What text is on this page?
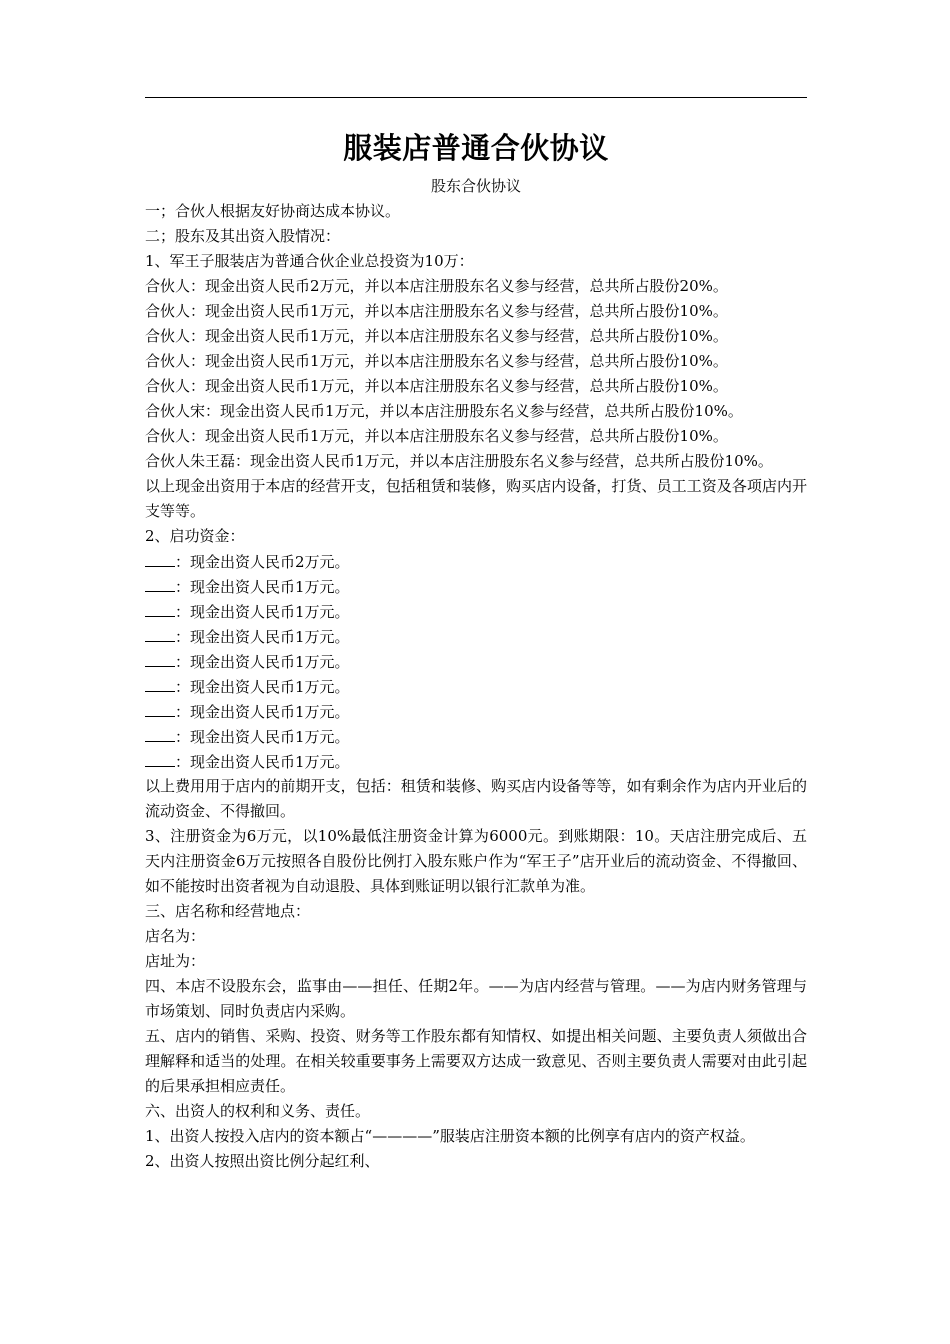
服装店普通合伙协议
股东合伙协议
一；合伙人根据友好协商达成本协议。
二；股东及其出资入股情况：
1、军王子服装店为普通合伙企业总投资为10万：
合伙人：现金出资人民币2万元，并以本店注册股东名义参与经营，总共所占股份20%。
合伙人：现金出资人民币1万元，并以本店注册股东名义参与经营，总共所占股份10%。
合伙人：现金出资人民币1万元，并以本店注册股东名义参与经营，总共所占股份10%。
合伙人：现金出资人民币1万元，并以本店注册股东名义参与经营，总共所占股份10%。
合伙人：现金出资人民币1万元，并以本店注册股东名义参与经营，总共所占股份10%。
合伙人宋：现金出资人民币1万元，并以本店注册股东名义参与经营，总共所占股份10%。
合伙人：现金出资人民币1万元，并以本店注册股东名义参与经营，总共所占股份10%。
合伙人朱王磊：现金出资人民币1万元，并以本店注册股东名义参与经营，总共所占股份10%。
以上现金出资用于本店的经营开支，包括租赁和装修，购买店内设备，打货、员工工资及各项店内开支等等。
2、启功资金：
：现金出资人民币2万元。
：现金出资人民币1万元。
：现金出资人民币1万元。
：现金出资人民币1万元。
：现金出资人民币1万元。
：现金出资人民币1万元。
：现金出资人民币1万元。
：现金出资人民币1万元。
：现金出资人民币1万元。
以上费用用于店内的前期开支，包括：租赁和装修、购买店内设备等等，如有剩余作为店内开业后的流动资金、不得撤回。
3、注册资金为6万元，以10%最低注册资金计算为6000元。到账期限：10。天店注册完成后、五天内注册资金6万元按照各自股份比例打入股东账户作为“军王子”店开业后的流动资金、不得撤回、如不能按时出资者视为自动退股、具体到账证明以银行汇款单为准。
三、店名称和经营地点：
店名为：
店址为：
四、本店不设股东会，监事由——担任、任期2年。——为店内经营与管理。——为店内财务管理与市场策划、同时负责店内采购。
五、店内的销售、采购、投资、财务等工作股东都有知情权、如提出相关问题、主要负责人须做出合理解释和适当的处理。在相关较重要事务上需要双方达成一致意见、否则主要负责人需要对由此引起的后果承担相应责任。
六、出资人的权利和义务、责任。
1、出资人按投入店内的资本额占“————”服装店注册资本额的比例享有店内的资产权益。
2、出资人按照出资比例分起红利、
